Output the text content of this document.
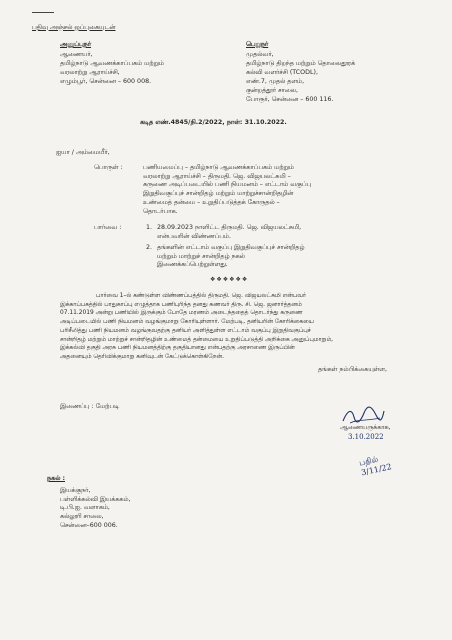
பதிவு அஞ்சல் ஒப்புகையுடன்
அனுப்புநர்
ஆணையர்,
தமிழ்நாடு ஆவணக்காப்பகம் மற்றும்
வரலாற்று ஆராய்ச்சி,
எழும்பூர், சென்னை – 600 008.
பெறுநர்
முதல்வர்,
தமிழ்நாடு திறந்த மற்றும் தொலைதூரக்
கல்வி வளர்ச்சி (TCODL),
எண்.7, முதல் தளம்,
குன்றத்தூர் சாலை,
போரூர், சென்னை – 600 116.
கடித எண்.4845/நி.2/2022, நாள்: 31.10.2022.
ஐயா / அம்மையீர்,
பொருள் :	பணியமைப்பு – தமிழ்நாடு ஆவணக்காப்பகம் மற்றும்
வரலாற்று ஆராய்ச்சி – திருமதி. ஜெ. விஜயலட்சுமி –
கருணை அடிப்படையில் பணி நியமனம் – எட்டாம் வகுப்பு
இறுதிவகுப்புச் சான்றிதழ் மற்றும் மாற்றுச்சான்றிதழின்
உண்மைத் தன்மை – உறுதிப்படுத்தக் கோருதல் –
தொடர்பாக.
பார்வை :	1. 28.09.2023 நாளிட்ட திருமதி. ஜெ. விஜயலட்சுமி,
என்பவரின் விண்ணப்பம்.
2. தங்களின் எட்டாம் வகுப்பு இறுதிவகுப்புச் சான்றிதழ்
மற்றும் மாற்றுச் சான்றிதழ் நகல்
இணைக்கப்பெற்றுள்ளது.
❖❖❖❖❖❖
பார்வை 1–ல் கண்டுள்ள விண்ணப்பத்தில் திருமதி. ஜெ. விஜயலட்சுமி என்பவர்
இக்காப்பகத்தில் பாதுகாப்பு எழுத்தாக பணிபுரிந்த தனது கணவர் திரு. சி. ஜெ. ஜனார்த்தனம்
07.11.2019 அன்று பணியில் இருக்கும் போதே மரணம் அடைந்ததைத் தொடர்ந்து கருணை
அடிப்படையில் பணி நியமனம் வழங்குமாறு கோரியுள்ளார். மேற்படி, தனியரின் கோரிக்கையை
பரிசீலித்து பணி நியமனம் வழங்குவதற்கு தனியர் அளித்துள்ள எட்டாம் வகுப்பு இறுதிவகுப்புச்
சான்றிதழ் மற்றும் மாற்றுச் சான்றிதழின் உண்மைத் தன்மையை உறுதிப்படுத்தி அறிக்கை அனுப்புமாறும்,
இக்கல்வி தகுதி அரசு பணி நியமனத்திற்கு தகுதியானது என்பதற்கு அரசாணை இருப்பின்
அதனையும் தெரிவிக்குமாறு கனிவுடன் கேட்டுக்கொள்கிறேன்.
தங்கள் நம்பிக்கையுள்ள,
இணைப்பு : மேற்படி
ஆணையருக்காக,
3.10.2022
நகல் :
இயக்குநர்,
பள்ளிக்கல்வி இயக்ககம்,
டி.பி.ஐ. வளாகம்,
கல்லூரி சாலை,
சென்னை–600 006.
பதில் 3/11/22
